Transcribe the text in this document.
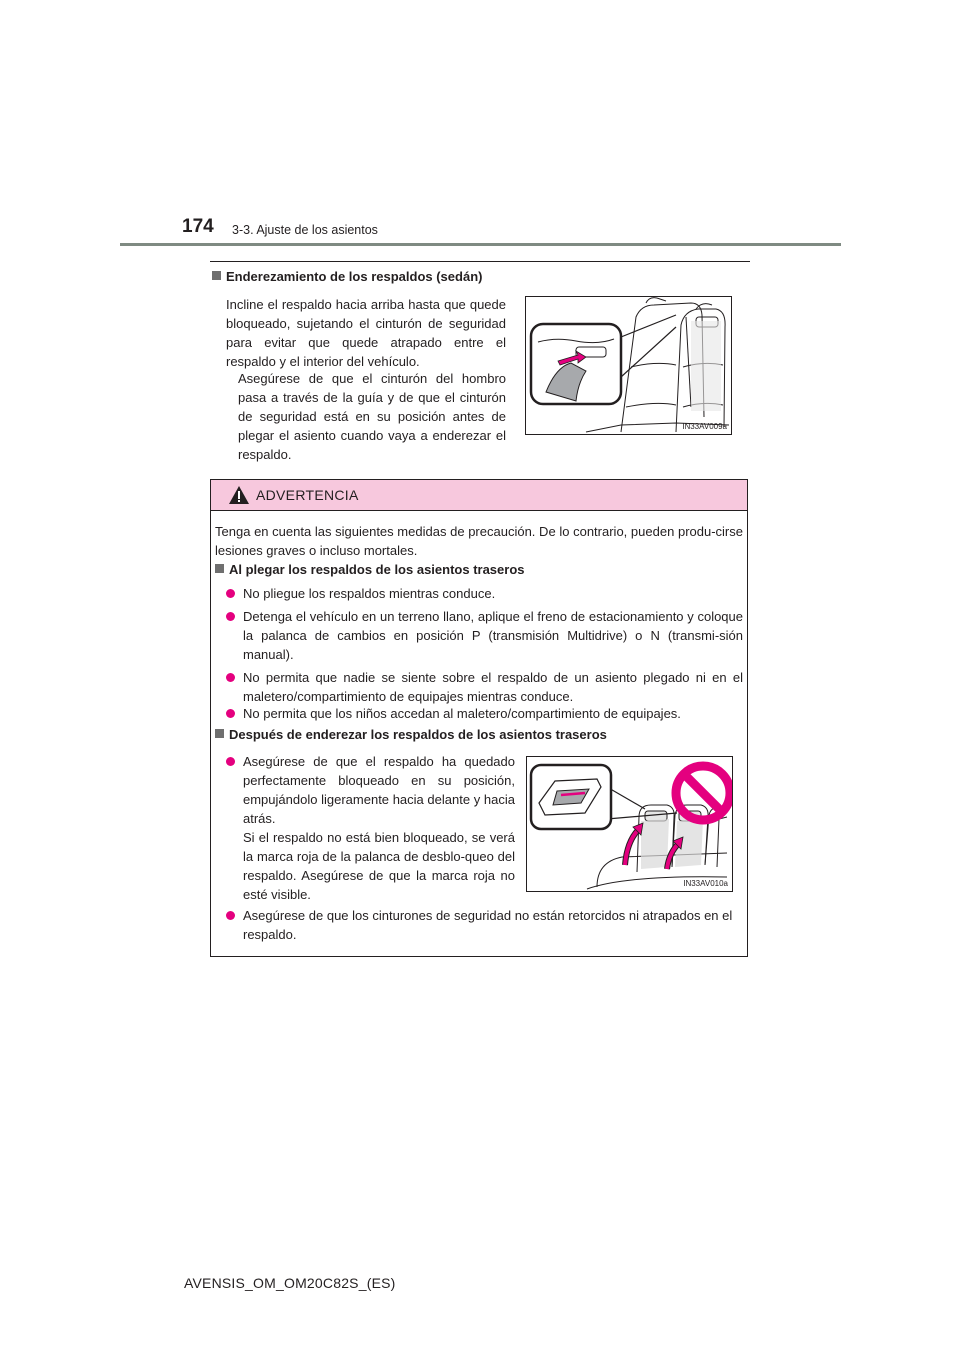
174 3-3. Ajuste de los asientos
Enderezamiento de los respaldos (sedán)

Incline el respaldo hacia arriba hasta que quede bloqueado, sujetando el cinturón de seguridad para evitar que quede atrapado entre el respaldo y el interior del vehículo.

Asegúrese de que el cinturón del hombro pasa a través de la guía y de que el cinturón de seguridad está en su posición antes de plegar el asiento cuando vaya a enderezar el respaldo.

IN33AV009a
ADVERTENCIA

Tenga en cuenta las siguientes medidas de precaución. De lo contrario, pueden produ-cirse lesiones graves o incluso mortales.

Al plegar los respaldos de los asientos traseros

No pliegue los respaldos mientras conduce.

Detenga el vehículo en un terreno llano, aplique el freno de estacionamiento y coloque la palanca de cambios en posición P (transmisión Multidrive) o N (transmi-sión manual).

No permita que nadie se siente sobre el respaldo de un asiento plegado ni en el maletero/compartimiento de equipajes mientras conduce.

No permita que los niños accedan al maletero/compartimiento de equipajes.

Después de enderezar los respaldos de los asientos traseros
Asegúrese de que el respaldo ha quedado perfectamente bloqueado en su posición, empujándolo ligeramente hacia delante y hacia atrás.
Si el respaldo no está bien bloqueado, se verá la marca roja de la palanca de desblo-queo del respaldo. Asegúrese de que la marca roja no esté visible.

Asegúrese de que los cinturones de seguridad no están retorcidos ni atrapados en el respaldo.

IN33AV010a
AVENSIS_OM_OM20C82S_(ES)
